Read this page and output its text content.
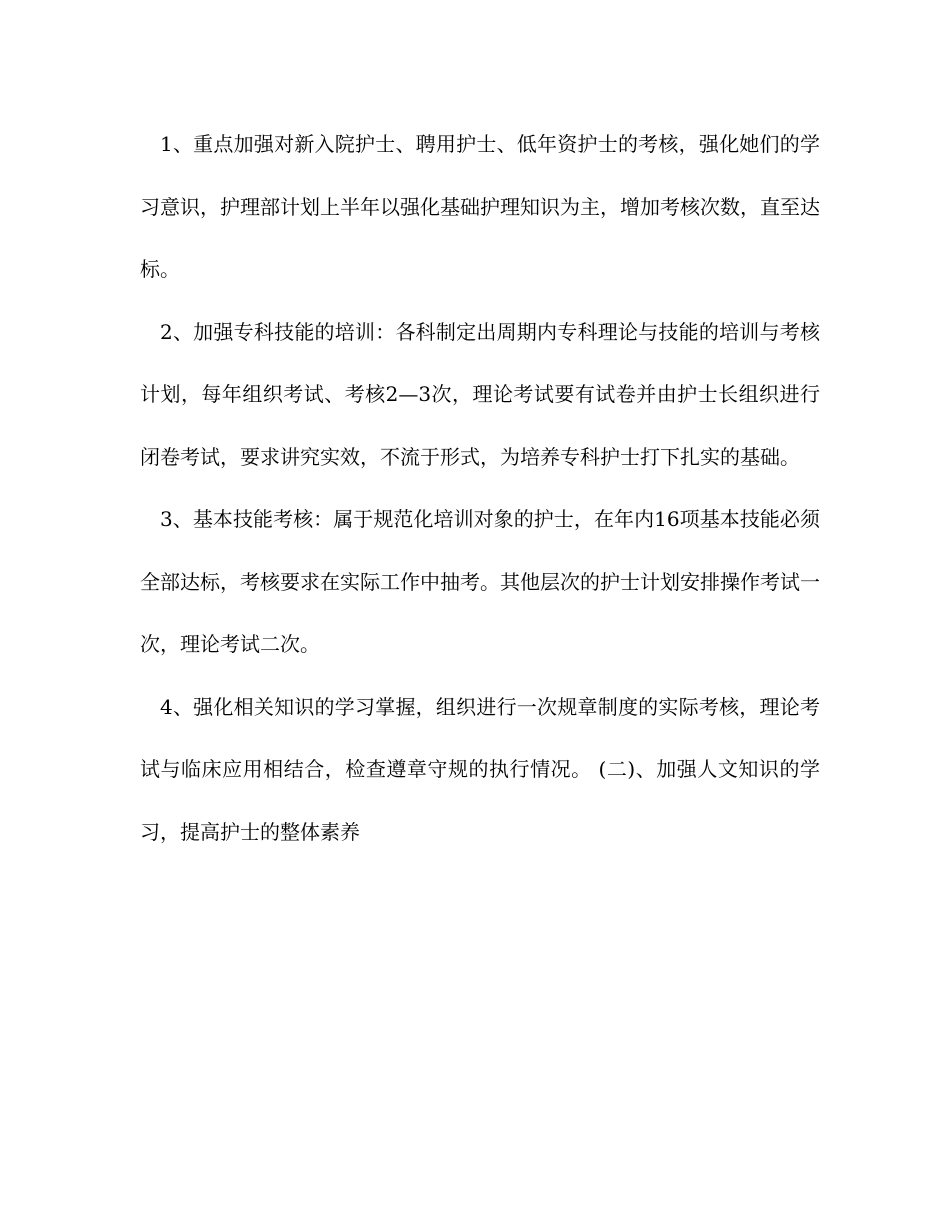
1、重点加强对新入院护士、聘用护士、低年资护士的考核，强化她们的学习意识，护理部计划上半年以强化基础护理知识为主，增加考核次数，直至达标。

2、加强专科技能的培训：各科制定出周期内专科理论与技能的培训与考核计划，每年组织考试、考核2—3次，理论考试要有试卷并由护士长组织进行闭卷考试，要求讲究实效，不流于形式，为培养专科护士打下扎实的基础。

3、基本技能考核：属于规范化培训对象的护士，在年内16项基本技能必须全部达标，考核要求在实际工作中抽考。其他层次的护士计划安排操作考试一次，理论考试二次。

4、强化相关知识的学习掌握，组织进行一次规章制度的实际考核，理论考试与临床应用相结合，检查遵章守规的执行情况。 (二)、加强人文知识的学习，提高护士的整体素养
